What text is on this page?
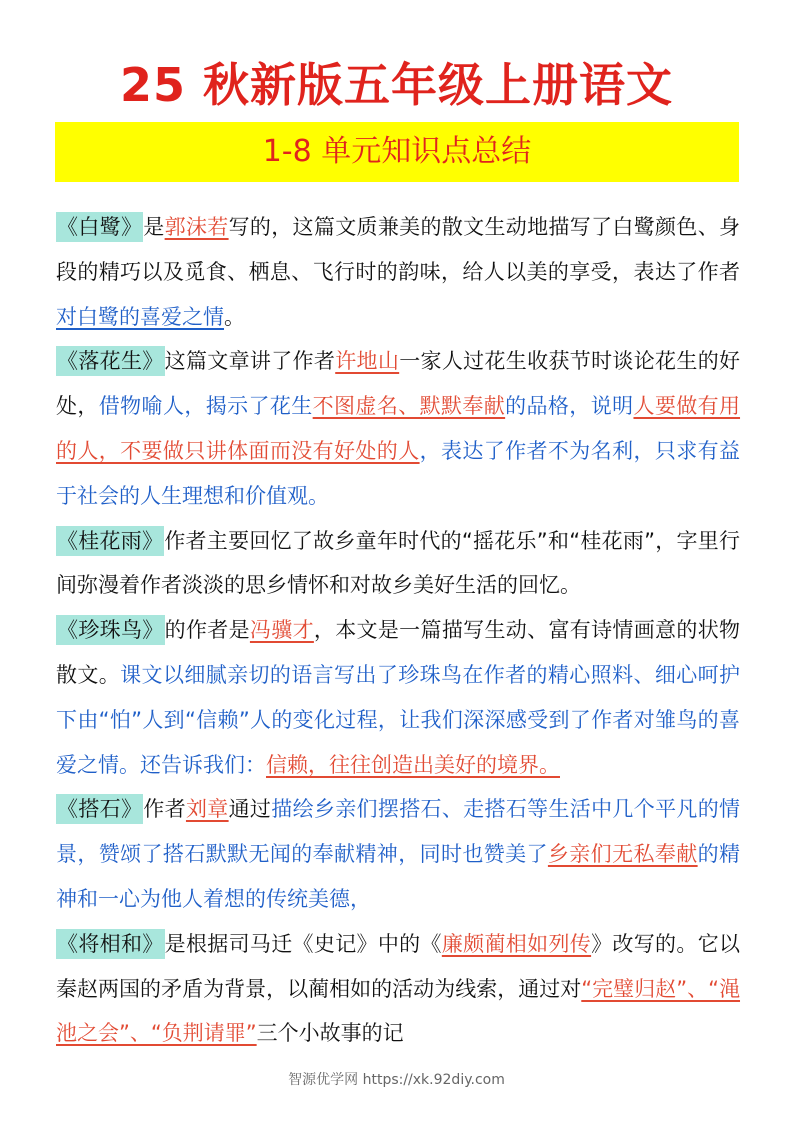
25 秋新版五年级上册语文
1-8 单元知识点总结

《白鹭》是郭沫若写的，这篇文质兼美的散文生动地描写了白鹭颜色、身段的精巧以及觅食、栖息、飞行时的韵味，给人以美的享受，表达了作者对白鹭的喜爱之情。

《落花生》这篇文章讲了作者许地山一家人过花生收获节时谈论花生的好处，借物喻人，揭示了花生不图虚名、默默奉献的品格，说明人要做有用的人，不要做只讲体面而没有好处的人，表达了作者不为名利，只求有益于社会的人生理想和价值观。

《桂花雨》作者主要回忆了故乡童年时代的“摇花乐”和“桂花雨”，字里行间弥漫着作者淡淡的思乡情怀和对故乡美好生活的回忆。

《珍珠鸟》的作者是冯骥才，本文是一篇描写生动、富有诗情画意的状物散文。课文以细腻亲切的语言写出了珍珠鸟在作者的精心照料、细心呵护下由“怕”人到“信赖”人的变化过程，让我们深深感受到了作者对雏鸟的喜爱之情。还告诉我们：信赖，往往创造出美好的境界。

《搭石》作者刘章通过描绘乡亲们摆搭石、走搭石等生活中几个平凡的情景，赞颂了搭石默默无闻的奉献精神，同时也赞美了乡亲们无私奉献的精神和一心为他人着想的传统美德，

《将相和》是根据司马迁《史记》中的《廉颇蔺相如列传》改写的。它以秦赵两国的矛盾为背景，以蔺相如的活动为线索，通过对“完璧归赵”、“渑池之会”、“负荆请罪”三个小故事的记

智源优学网 https://xk.92diy.com
